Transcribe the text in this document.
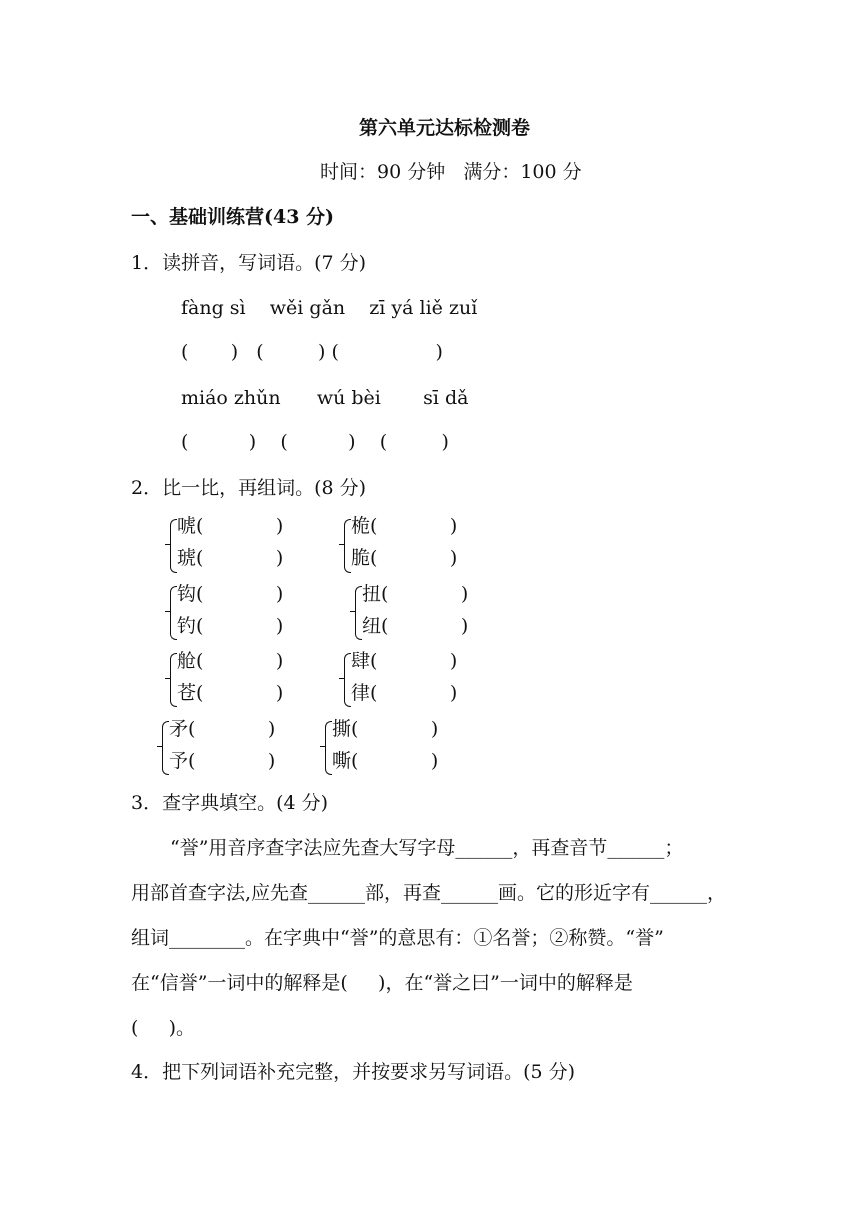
第六单元达标检测卷
时间：90 分钟   满分：100 分
一、基础训练营(43 分)
1．读拼音，写词语。(7 分)
fàng sì    wěi gǎn    zī yá liě zuǐ
(       )   (         ) (                )
miáo zhǔn      wú bèi       sī dǎ
(          )    (          )    (         )
2．比一比，再组词。(8 分)
唬(            )
琥(            )
桅(            )
脆(            )
钩(            )
钓(            )
扭(            )
纽(            )
舱(            )
苍(            )
肆(            )
律(            )
矛(            )
予(            )
撕(            )
嘶(            )
3．查字典填空。(4 分)
“誉”用音序查字法应先查大写字母______，再查音节______；
用部首查字法,应先查______部，再查______画。它的形近字有______，
组词________。在字典中“誉”的意思有：①名誉；②称赞。“誉”
在“信誉”一词中的解释是(     )，在“誉之曰”一词中的解释是
(     )。
4．把下列词语补充完整，并按要求另写词语。(5 分)
